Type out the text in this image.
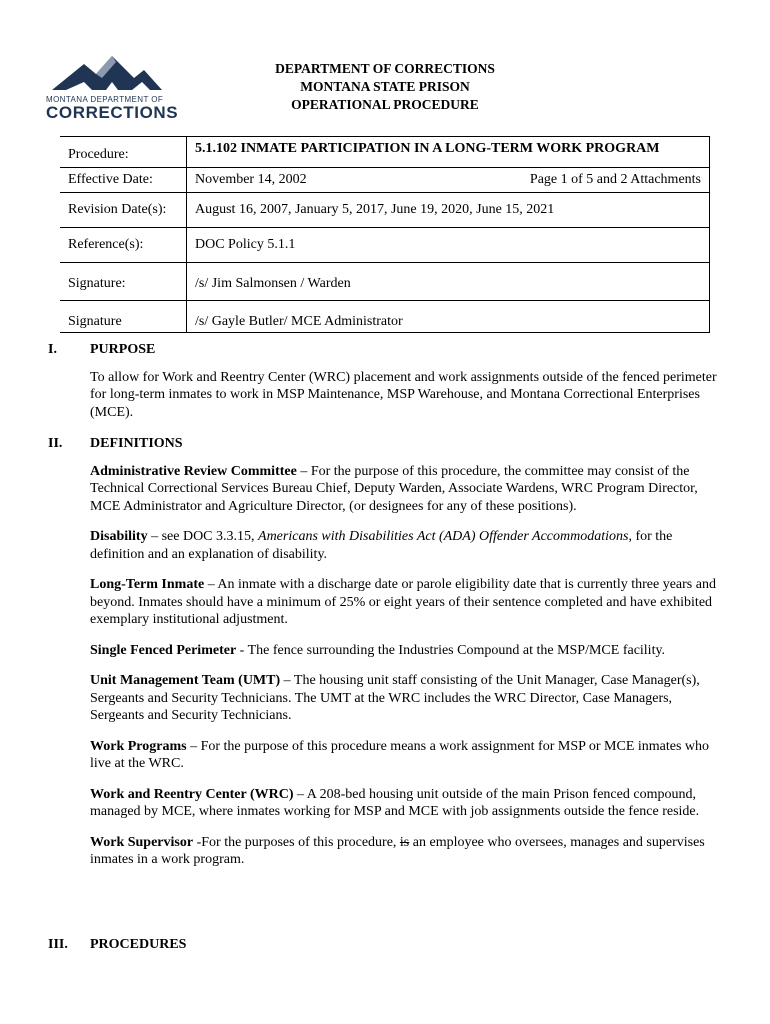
MONTANA DEPARTMENT OF
CORRECTIONS
DEPARTMENT OF CORRECTIONS
MONTANA STATE PRISON
OPERATIONAL PROCEDURE
Procedure:	5.1.102 INMATE PARTICIPATION IN A LONG-TERM WORK PROGRAM
Effective Date:	November 14, 2002 Page 1 of 5 and 2 Attachments

Revision Date(s):	August 16, 2007, January 5, 2017, June 19, 2020, June 15, 2021
Reference(s):	DOC Policy 5.1.1
Signature:	/s/ Jim Salmonsen / Warden
Signature	/s/ Gayle Butler/ MCE Administrator
I.	PURPOSE
To allow for Work and Reentry Center (WRC) placement and work assignments outside of the fenced perimeter for long-term inmates to work in MSP Maintenance, MSP Warehouse, and Montana Correctional Enterprises (MCE).
II.	DEFINITIONS
Administrative Review Committee – For the purpose of this procedure, the committee may consist of the Technical Correctional Services Bureau Chief, Deputy Warden, Associate Wardens, WRC Program Director, MCE Administrator and Agriculture Director, (or designees for any of these positions).
Disability – see DOC 3.3.15, Americans with Disabilities Act (ADA) Offender Accommodations, for the definition and an explanation of disability.
Long-Term Inmate – An inmate with a discharge date or parole eligibility date that is currently three years and beyond. Inmates should have a minimum of 25% or eight years of their sentence completed and have exhibited exemplary institutional adjustment.
Single Fenced Perimeter - The fence surrounding the Industries Compound at the MSP/MCE facility.
Unit Management Team (UMT) – The housing unit staff consisting of the Unit Manager, Case Manager(s), Sergeants and Security Technicians. The UMT at the WRC includes the WRC Director, Case Managers, Sergeants and Security Technicians.
Work Programs – For the purpose of this procedure means a work assignment for MSP or MCE inmates who live at the WRC.
Work and Reentry Center (WRC) – A 208-bed housing unit outside of the main Prison fenced compound, managed by MCE, where inmates working for MSP and MCE with job assignments outside the fence reside.
Work Supervisor -For the purposes of this procedure, is an employee who oversees, manages and supervises inmates in a work program.
III.	PROCEDURES
